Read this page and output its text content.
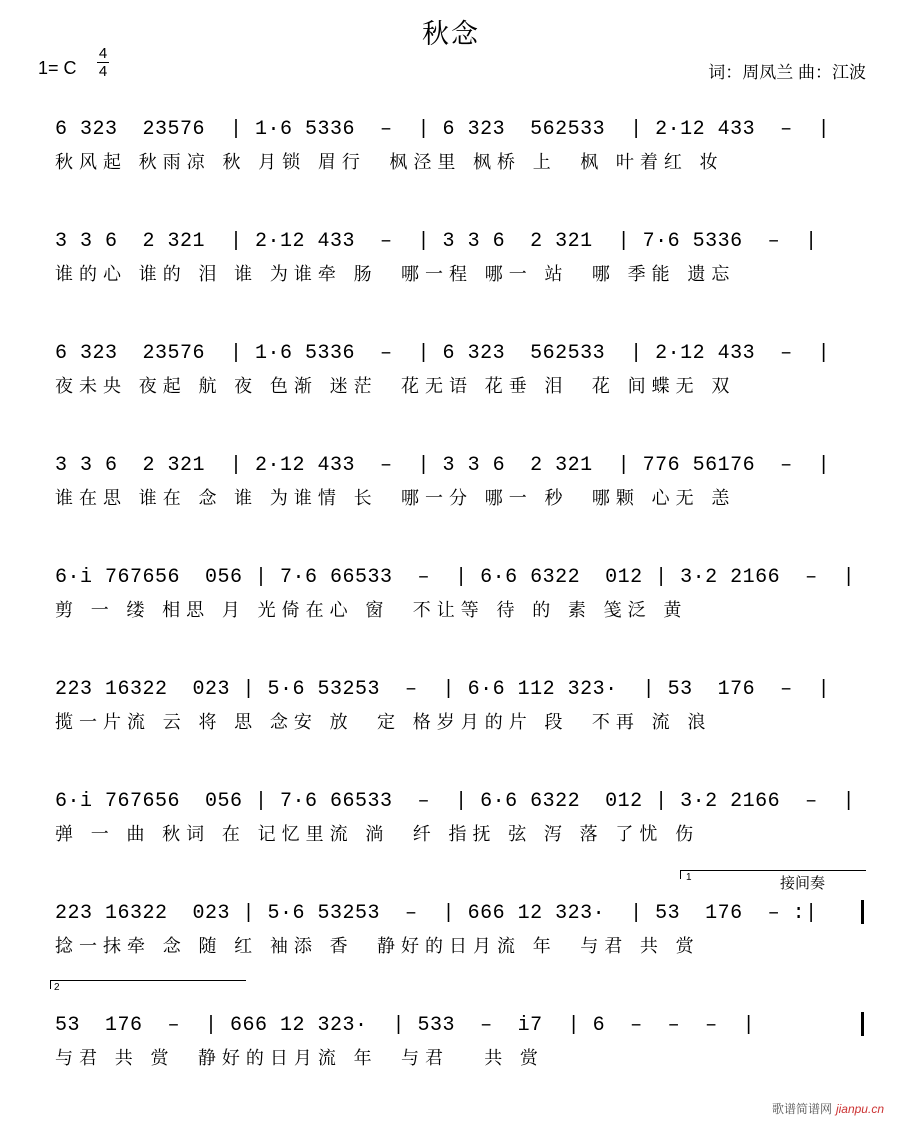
秋念
1= C
4
4	词：周凤兰 曲：江波
6 323  23576  | 1·6 5336  –  | 6 323  562533  | 2·12 433  –  |
秋风起 秋雨凉 秋 月锁 眉行  枫泾里 枫桥 上  枫 叶着红 妆
3 3 6  2 321  | 2·12 433  –  | 3 3 6  2 321  | 7·6 5336  –  |
谁的心 谁的 泪 谁 为谁牵 肠  哪一程 哪一 站  哪 季能 遗忘
6 323  23576  | 1·6 5336  –  | 6 323  562533  | 2·12 433  –  |
夜未央 夜起 航 夜 色渐 迷茫  花无语 花垂 泪  花 间蝶无 双
3 3 6  2 321  | 2·12 433  –  | 3 3 6  2 321  | 776 56176  –  |
谁在思 谁在 念 谁 为谁情 长  哪一分 哪一 秒  哪颗 心无 恙
6·i 767656  056 | 7·6 66533  –  | 6·6 6322  012 | 3·2 2166  –  |
剪 一 缕 相思 月 光倚在心 窗  不让等 待 的 素 笺泛 黄
223 16322  023 | 5·6 53253  –  | 6·6 112 323·  | 53  176  –  |
揽一片流 云 将 思 念安 放  定 格岁月的片 段  不再 流 浪
6·i 767656  056 | 7·6 66533  –  | 6·6 6322  012 | 3·2 2166  –  |
弹 一 曲 秋词 在 记忆里流 淌  纤 指抚 弦 泻 落 了忧 伤
223 16322  023 | 5·6 53253  –  | 666 12 323·  | 53  176  – :|
捻一抹牵 念 随 红 袖添 香  静好的日月流 年  与君 共 赏
53  176  –  | 666 12 323·  | 533  –  i7  | 6  –  –  –  |
与君 共 赏  静好的日月流 年  与君   共 赏
1	接间奏
2
歌谱简谱网 jianpu.cn
